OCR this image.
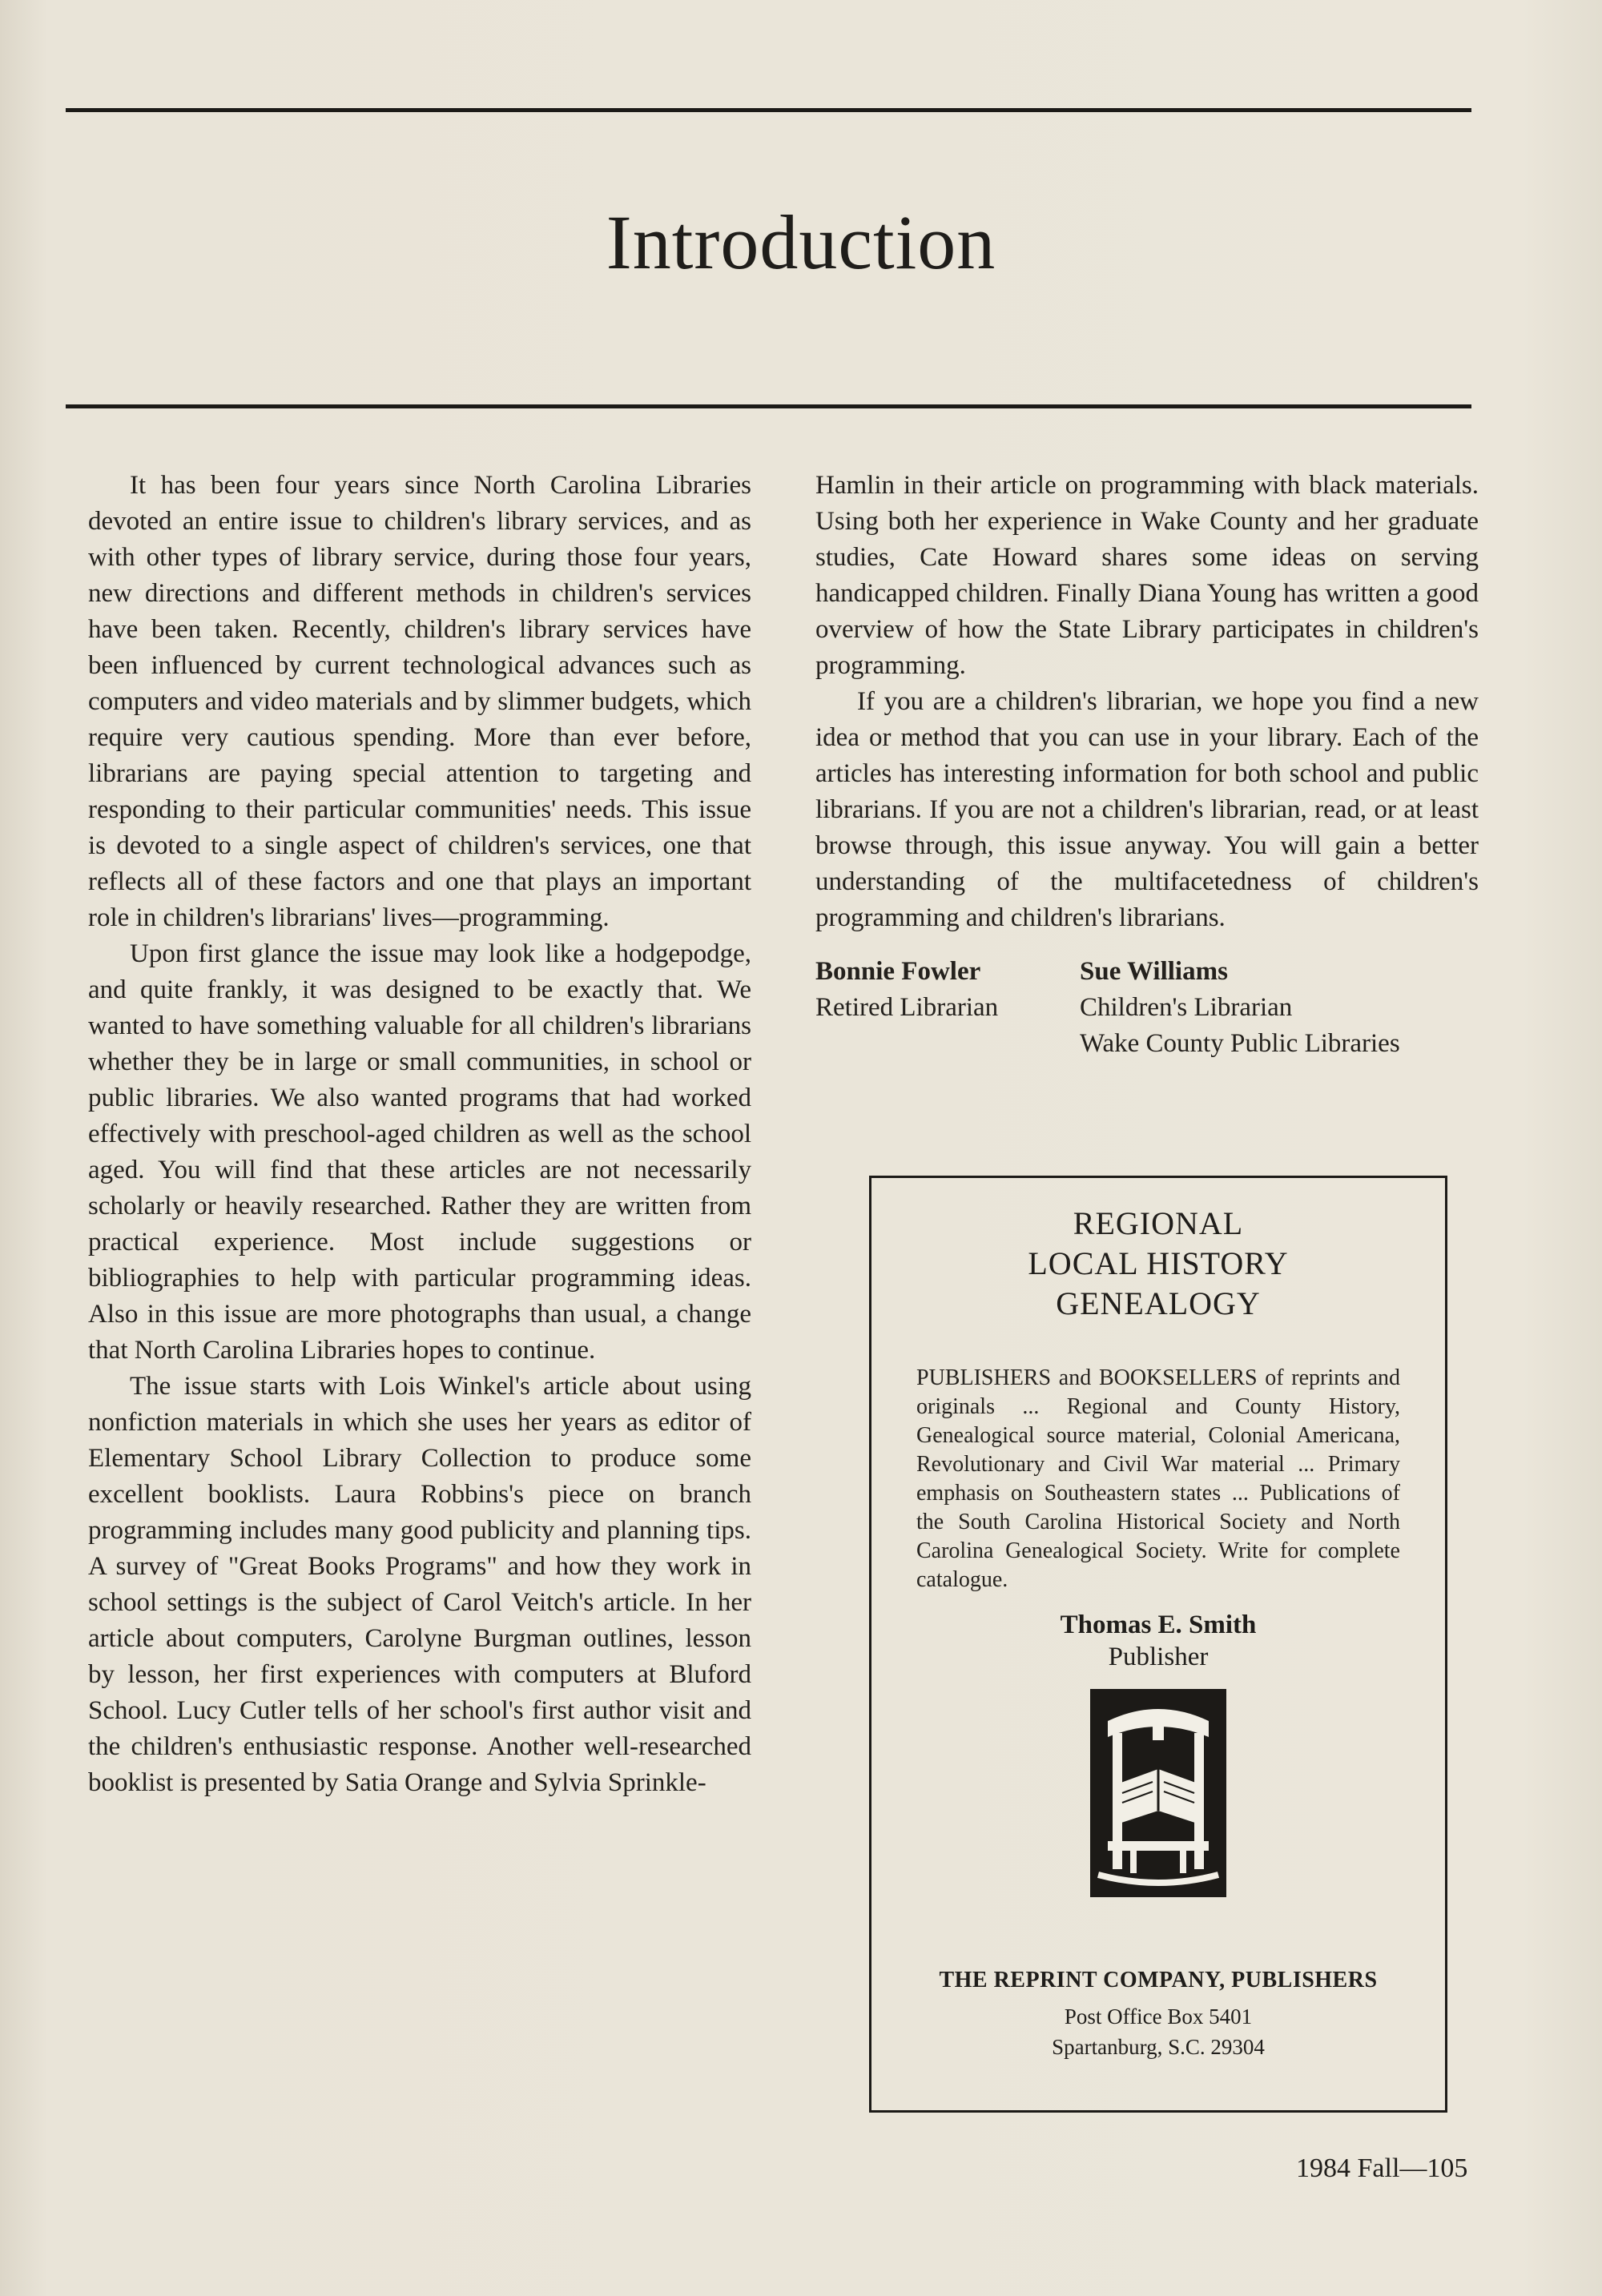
Introduction

It has been four years since North Carolina Libraries devoted an entire issue to children's library services, and as with other types of library service, during those four years, new directions and different methods in children's services have been taken. Recently, children's library services have been influenced by current technological advances such as computers and video materials and by slimmer budgets, which require very cautious spending. More than ever before, librarians are paying special attention to targeting and responding to their particular communities' needs. This issue is devoted to a single aspect of children's services, one that reflects all of these factors and one that plays an important role in children's librarians' lives—programming.

Upon first glance the issue may look like a hodgepodge, and quite frankly, it was designed to be exactly that. We wanted to have something valuable for all children's librarians whether they be in large or small communities, in school or public libraries. We also wanted programs that had worked effectively with preschool-aged children as well as the school aged. You will find that these articles are not necessarily scholarly or heavily researched. Rather they are written from practical experience. Most include suggestions or bibliographies to help with particular programming ideas. Also in this issue are more photographs than usual, a change that North Carolina Libraries hopes to continue.

The issue starts with Lois Winkel's article about using nonfiction materials in which she uses her years as editor of Elementary School Library Collection to produce some excellent booklists. Laura Robbins's piece on branch programming includes many good publicity and planning tips. A survey of "Great Books Programs" and how they work in school settings is the subject of Carol Veitch's article. In her article about computers, Carolyne Burgman outlines, lesson by lesson, her first experiences with computers at Bluford School. Lucy Cutler tells of her school's first author visit and the children's enthusiastic response. Another well-researched booklist is presented by Satia Orange and Sylvia Sprinkle-

Hamlin in their article on programming with black materials. Using both her experience in Wake County and her graduate studies, Cate Howard shares some ideas on serving handicapped children. Finally Diana Young has written a good overview of how the State Library participates in children's programming.

If you are a children's librarian, we hope you find a new idea or method that you can use in your library. Each of the articles has interesting information for both school and public librarians. If you are not a children's librarian, read, or at least browse through, this issue anyway. You will gain a better understanding of the multifacetedness of children's programming and children's librarians.

Bonnie Fowler	Sue Williams
Retired Librarian	Children's Librarian
Wake County Public Libraries
REGIONAL
LOCAL HISTORY
GENEALOGY
PUBLISHERS and BOOKSELLERS of reprints and originals ... Regional and County History, Genealogical source material, Colonial Americana, Revolutionary and Civil War material ... Primary emphasis on Southeastern states ... Publications of the South Carolina Historical Society and North Carolina Genealogical Society. Write for complete catalogue.
Thomas E. Smith
Publisher
THE REPRINT COMPANY, PUBLISHERS
Post Office Box 5401
Spartanburg, S.C. 29304
1984 Fall—105
